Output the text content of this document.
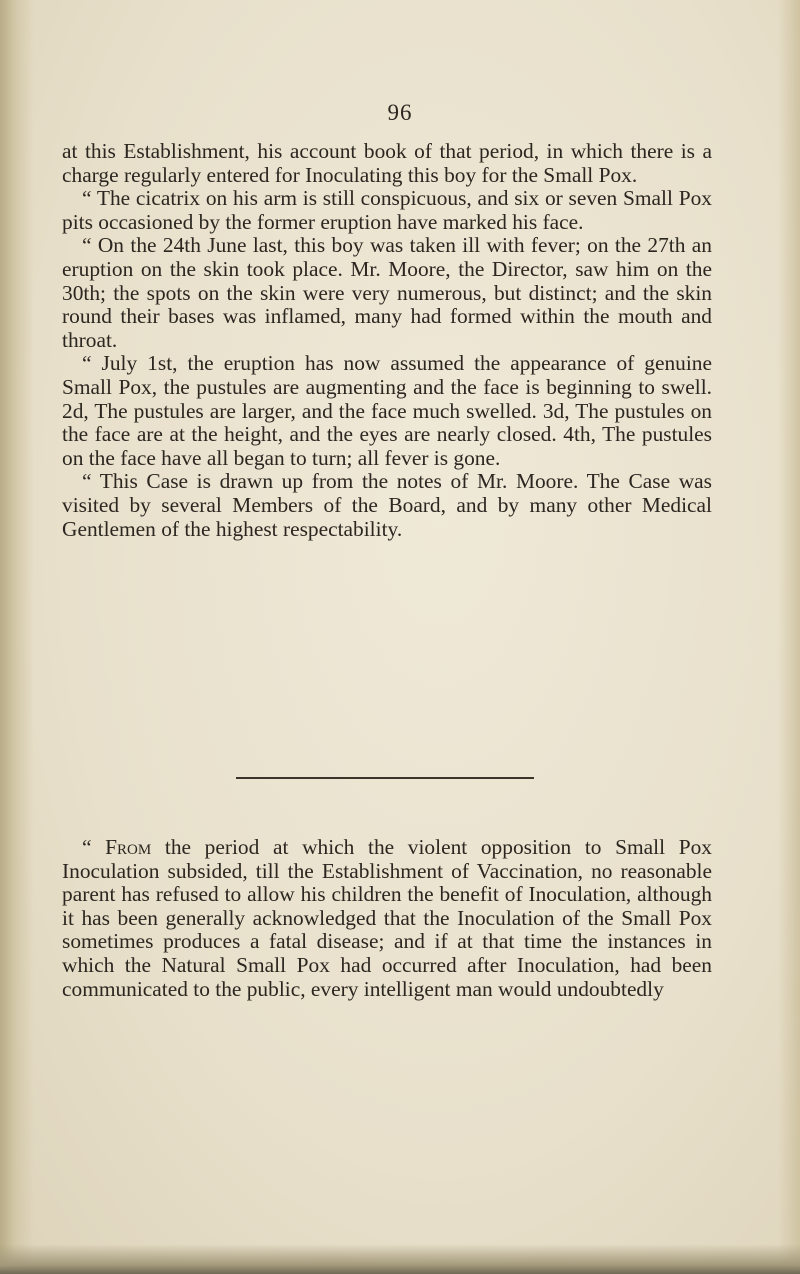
96

at this Establishment, his account book of that period, in which there is a charge regularly entered for Inoculating this boy for the Small Pox.

“ The cicatrix on his arm is still conspicuous, and six or seven Small Pox pits occasioned by the former eruption have marked his face.

“ On the 24th June last, this boy was taken ill with fever; on the 27th an eruption on the skin took place. Mr. Moore, the Director, saw him on the 30th; the spots on the skin were very numerous, but distinct; and the skin round their bases was inflamed, many had formed within the mouth and throat.

“ July 1st, the eruption has now assumed the appearance of genuine Small Pox, the pustules are augmenting and the face is beginning to swell. 2d, The pustules are larger, and the face much swelled. 3d, The pustules on the face are at the height, and the eyes are nearly closed. 4th, The pustules on the face have all began to turn; all fever is gone.

“ This Case is drawn up from the notes of Mr. Moore. The Case was visited by several Members of the Board, and by many other Medical Gentlemen of the highest respectability.

“ From the period at which the violent opposition to Small Pox Inoculation subsided, till the Establishment of Vaccination, no reasonable parent has refused to allow his children the benefit of Inoculation, although it has been generally acknowledged that the Inoculation of the Small Pox sometimes produces a fatal disease; and if at that time the instances in which the Natural Small Pox had occurred after Inoculation, had been communicated to the public, every intelligent man would undoubtedly
